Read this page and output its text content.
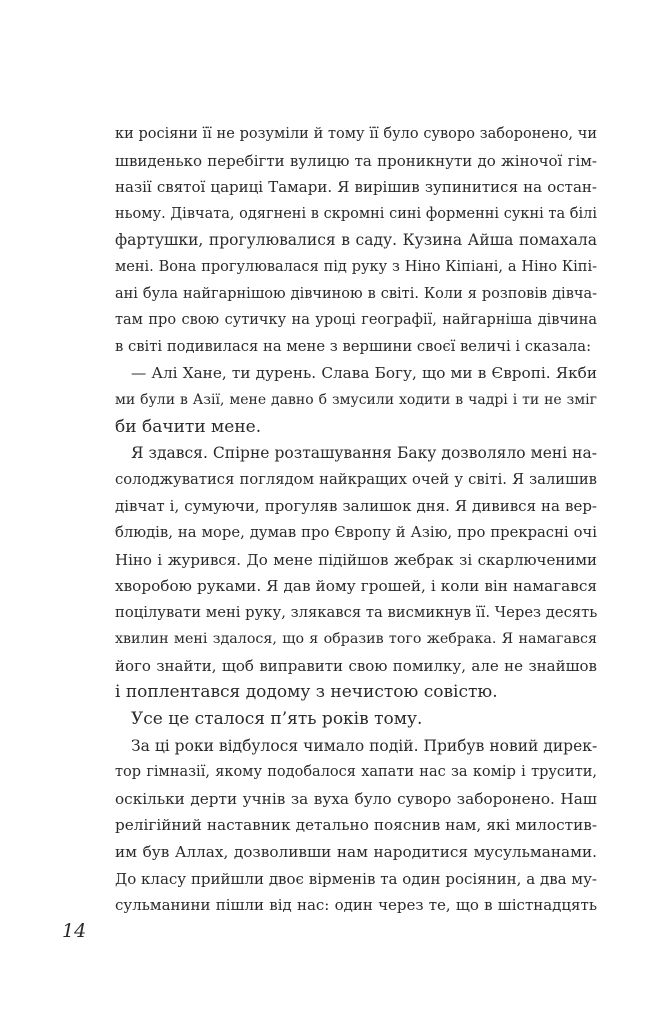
ки росіяни її не розуміли й тому її було суворо заборонено, чи
швиденько перебігти вулицю та проникнути до жіночої гім-
назії святої цариці Тамари. Я вирішив зупинитися на остан-
ньому. Дівчата, одягнені в скромні сині форменні сукні та білі
фартушки, прогулювалися в саду. Кузина Айша помахала
мені. Вона прогулювалася під руку з Ніно Кіпіані, а Ніно Кіпі-
ані була найгарнішою дівчиною в світі. Коли я розповів дівча-
там про свою сутичку на уроці географії, найгарніша дівчина
в світі подивилася на мене з вершини своєї величі і сказала:
— Алі Хане, ти дурень. Слава Богу, що ми в Європі. Якби
ми були в Азії, мене давно б змусили ходити в чадрі і ти не зміг
би бачити мене.
Я здався. Спірне розташування Баку дозволяло мені на-
солоджуватися поглядом найкращих очей у світі. Я залишив
дівчат і, сумуючи, прогуляв залишок дня. Я дивився на вер-
блюдів, на море, думав про Європу й Азію, про прекрасні очі
Ніно і журився. До мене підійшов жебрак зі скарлюченими
хворобою руками. Я дав йому грошей, і коли він намагався
поцілувати мені руку, злякався та висмикнув її. Через десять
хвилин мені здалося, що я образив того жебрака. Я намагався
його знайти, щоб виправити свою помилку, але не знайшов
і поплентався додому з нечистою совістю.
Усе це сталося п’ять років тому.
За ці роки відбулося чимало подій. Прибув новий дирек-
тор гімназії, якому подобалося хапати нас за комір і трусити,
оскільки дерти учнів за вуха було суворо заборонено. Наш
релігійний наставник детально пояснив нам, які милостив-
им був Аллах, дозволивши нам народитися мусульманами.
До класу прийшли двоє вірменів та один росіянин, а два му-
сульманини пішли від нас: один через те, що в шістнадцять
14
